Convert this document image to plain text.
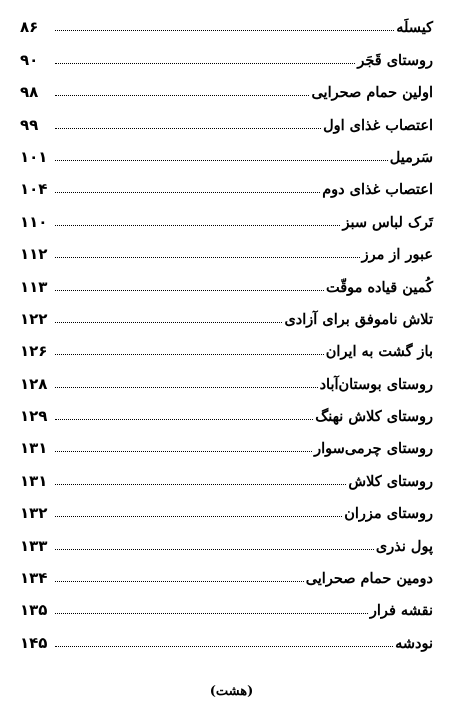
کیسلَه
۸۶
روستای قَجَر
۹۰
اولین حمام صحرایی
۹۸
اعتصاب غذای اول
۹۹
سَرمیل
۱۰۱
اعتصاب غذای دوم
۱۰۴
تَرک لباس سبز
۱۱۰
عبور از مرز
۱۱۲
کُمین قیاده موقّت
۱۱۳
تلاش ناموفق برای آزادی
۱۲۲
باز گشت به ایران
۱۲۶
روستای بوستان‌آباد
۱۲۸
روستای کلاش نهنگ
۱۲۹
روستای چرمی‌سوار
۱۳۱
روستای کلاش
۱۳۱
روستای مزران
۱۳۲
پول نذری
۱۳۳
دومین حمام صحرایی
۱۳۴
نقشه فرار
۱۳۵
نودشه
۱۴۵
(هشت)
